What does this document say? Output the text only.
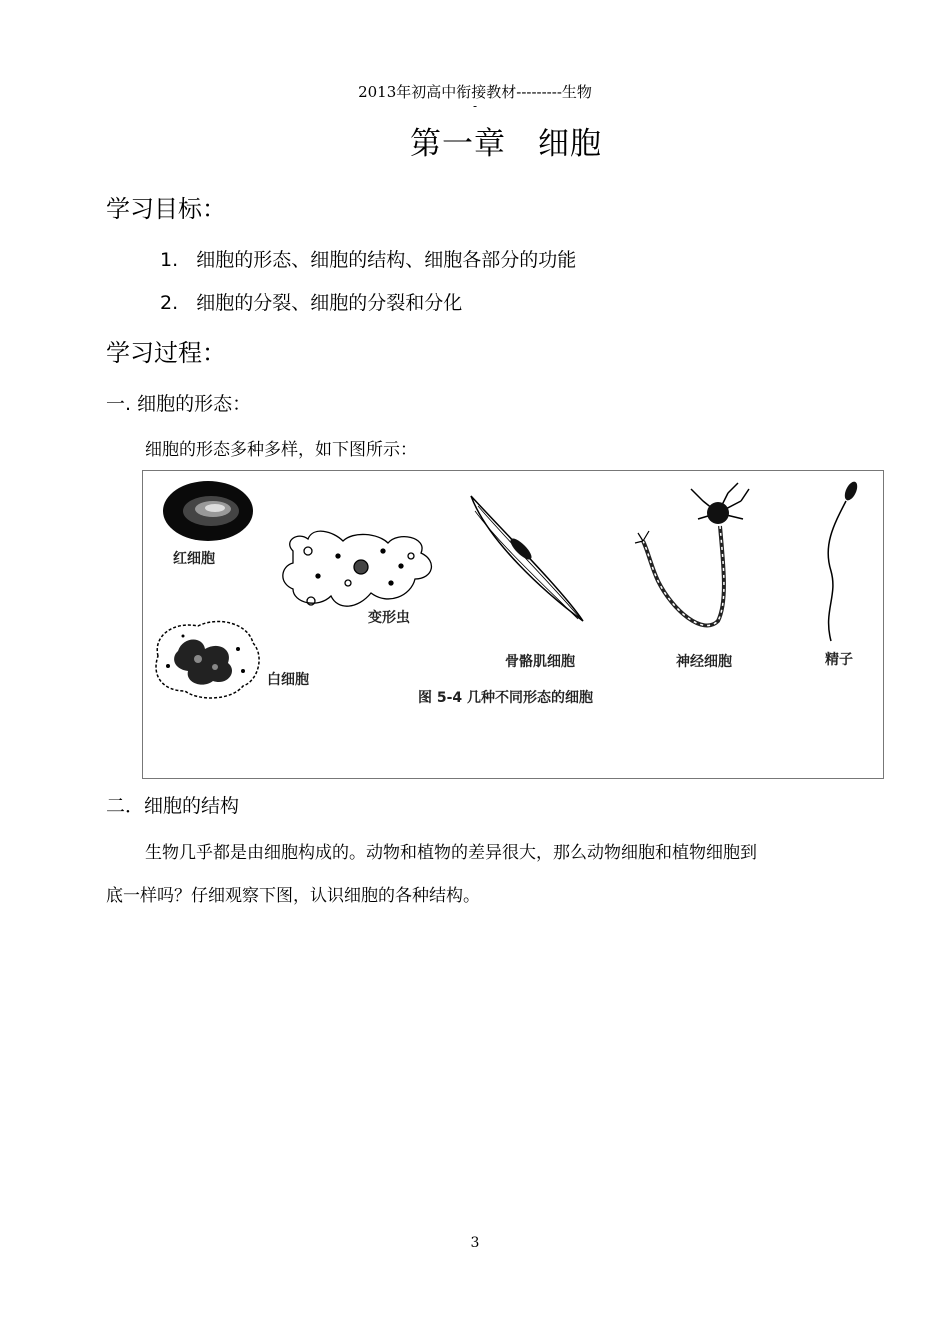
2013年初高中衔接教材---------生物
-
第一章　细胞
学习目标：
1. 细胞的形态、细胞的结构、细胞各部分的功能
2. 细胞的分裂、细胞的分裂和分化
学习过程：
一. 细胞的形态：
细胞的形态多种多样，如下图所示：
红细胞
变形虫
白细胞
骨骼肌细胞	神经细胞	精子
图 5-4 几种不同形态的细胞
二．细胞的结构
生物几乎都是由细胞构成的。动物和植物的差异很大，那么动物细胞和植物细胞到
底一样吗？仔细观察下图，认识细胞的各种结构。
3
